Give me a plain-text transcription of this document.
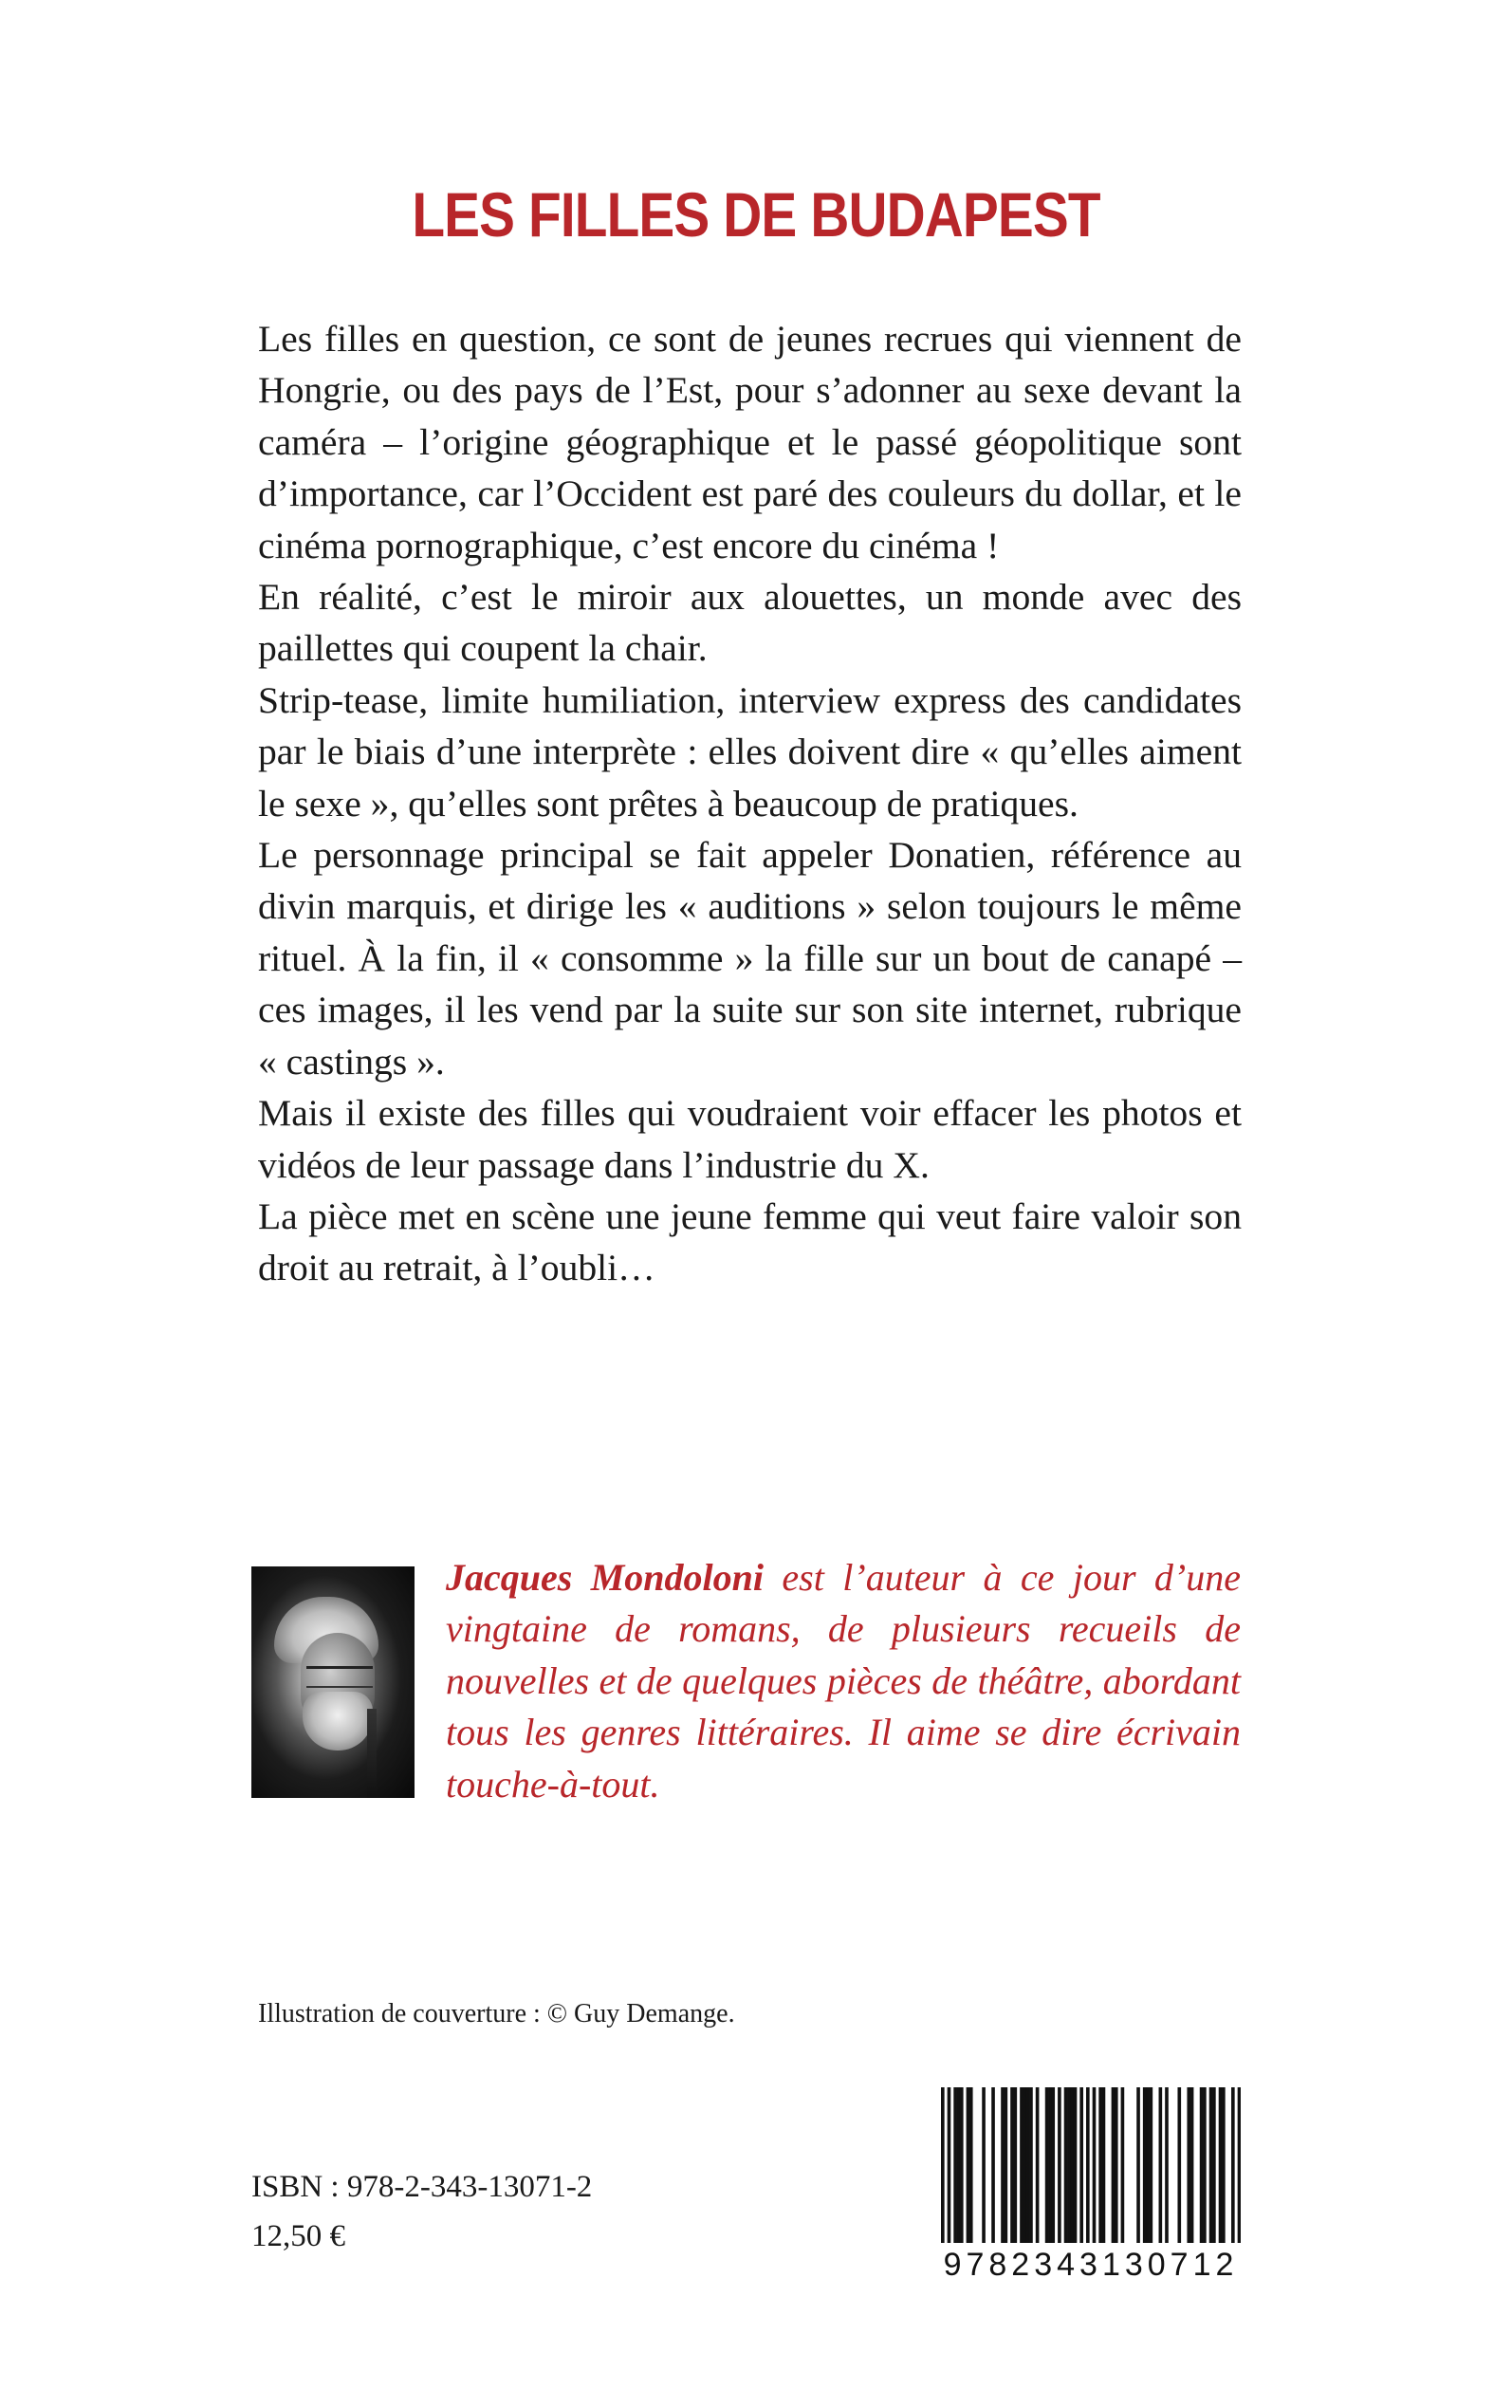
LES FILLES DE BUDAPEST

Les filles en question, ce sont de jeunes recrues qui viennent de Hongrie, ou des pays de l’Est, pour s’adonner au sexe devant la caméra – l’origine géographique et le passé géopolitique sont d’importance, car l’Occident est paré des couleurs du dollar, et le cinéma pornographique, c’est encore du cinéma !

En réalité, c’est le miroir aux alouettes, un monde avec des paillettes qui coupent la chair.

Strip-tease, limite humiliation, interview express des candidates par le biais d’une interprète : elles doivent dire « qu’elles aiment le sexe », qu’elles sont prêtes à beaucoup de pratiques.

Le personnage principal se fait appeler Donatien, référence au divin marquis, et dirige les « auditions » selon toujours le même rituel. À la fin, il « consomme » la fille sur un bout de canapé – ces images, il les vend par la suite sur son site internet, rubrique « castings ».

Mais il existe des filles qui voudraient voir effacer les photos et vidéos de leur passage dans l’industrie du X.

La pièce met en scène une jeune femme qui veut faire valoir son droit au retrait, à l’oubli…

Jacques Mondoloni est l’auteur à ce jour d’une vingtaine de romans, de plusieurs recueils de nouvelles et de quelques pièces de théâtre, abordant tous les genres littéraires. Il aime se dire écrivain touche-à-tout.

Illustration de couverture : © Guy Demange.
ISBN : 978-2-343-13071-2
12,50 €
9782343130712
